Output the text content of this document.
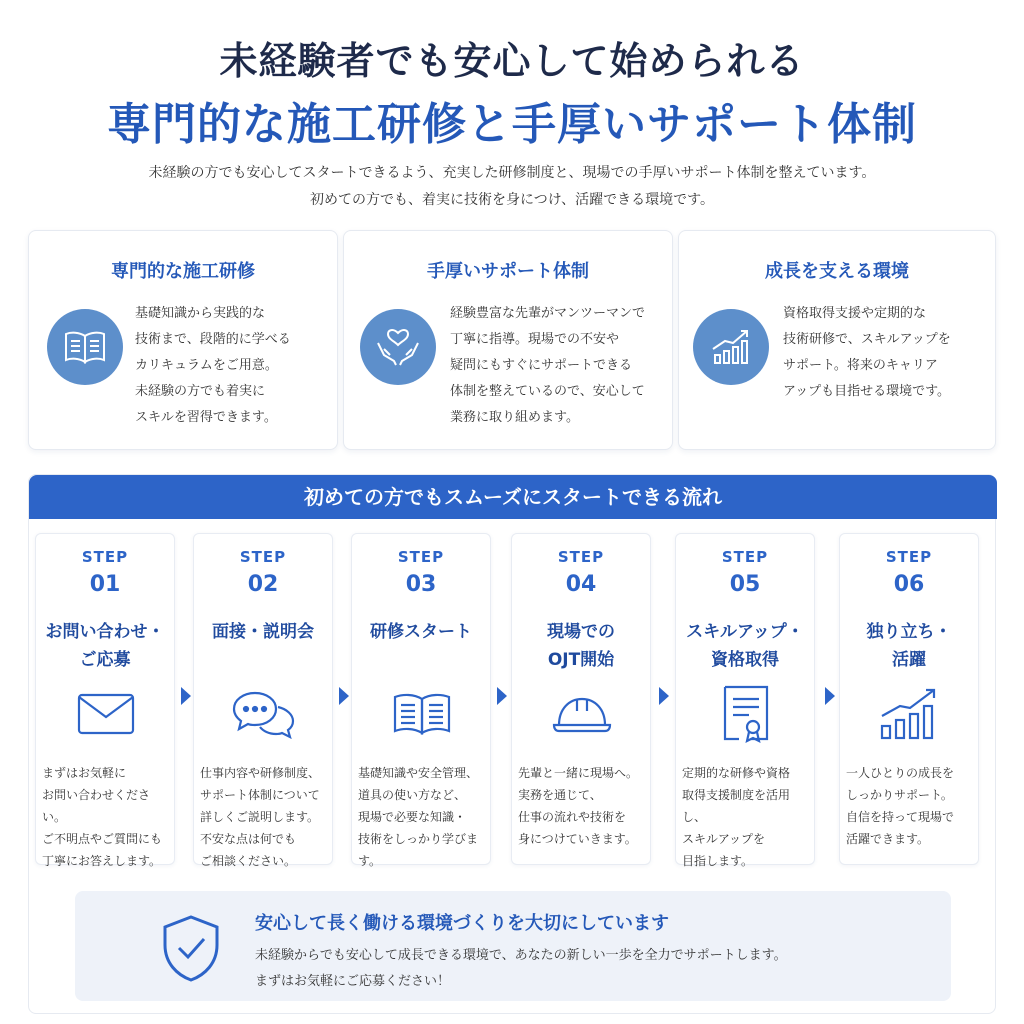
未経験者でも安心して始められる
専門的な施工研修と手厚いサポート体制
未経験の方でも安心してスタートできるよう、充実した研修制度と、現場での手厚いサポート体制を整えています。
初めての方でも、着実に技術を身につけ、活躍できる環境です。
専門的な施工研修
基礎知識から実践的な
技術まで、段階的に学べる
カリキュラムをご用意。
未経験の方でも着実に
スキルを習得できます。
手厚いサポート体制
経験豊富な先輩がマンツーマンで
丁寧に指導。現場での不安や
疑問にもすぐにサポートできる
体制を整えているので、安心して
業務に取り組めます。
成長を支える環境
資格取得支援や定期的な
技術研修で、スキルアップを
サポート。将来のキャリア
アップも目指せる環境です。
初めての方でもスムーズにスタートできる流れ
STEP
01
お問い合わせ・
ご応募
まずはお気軽に
お問い合わせください。
ご不明点やご質問にも
丁寧にお答えします。
STEP
02
面接・説明会
仕事内容や研修制度、
サポート体制について
詳しくご説明します。
不安な点は何でも
ご相談ください。
STEP
03
研修スタート
基礎知識や安全管理、
道具の使い方など、
現場で必要な知識・
技術をしっかり学びます。
STEP
04
現場での
OJT開始
先輩と一緒に現場へ。
実務を通じて、
仕事の流れや技術を
身につけていきます。
STEP
05
スキルアップ・
資格取得
定期的な研修や資格
取得支援制度を活用し、
スキルアップを
目指します。
STEP
06
独り立ち・
活躍
一人ひとりの成長を
しっかりサポート。
自信を持って現場で
活躍できます。
安心して長く働ける環境づくりを大切にしています
未経験からでも安心して成長できる環境で、あなたの新しい一歩を全力でサポートします。
まずはお気軽にご応募ください！
